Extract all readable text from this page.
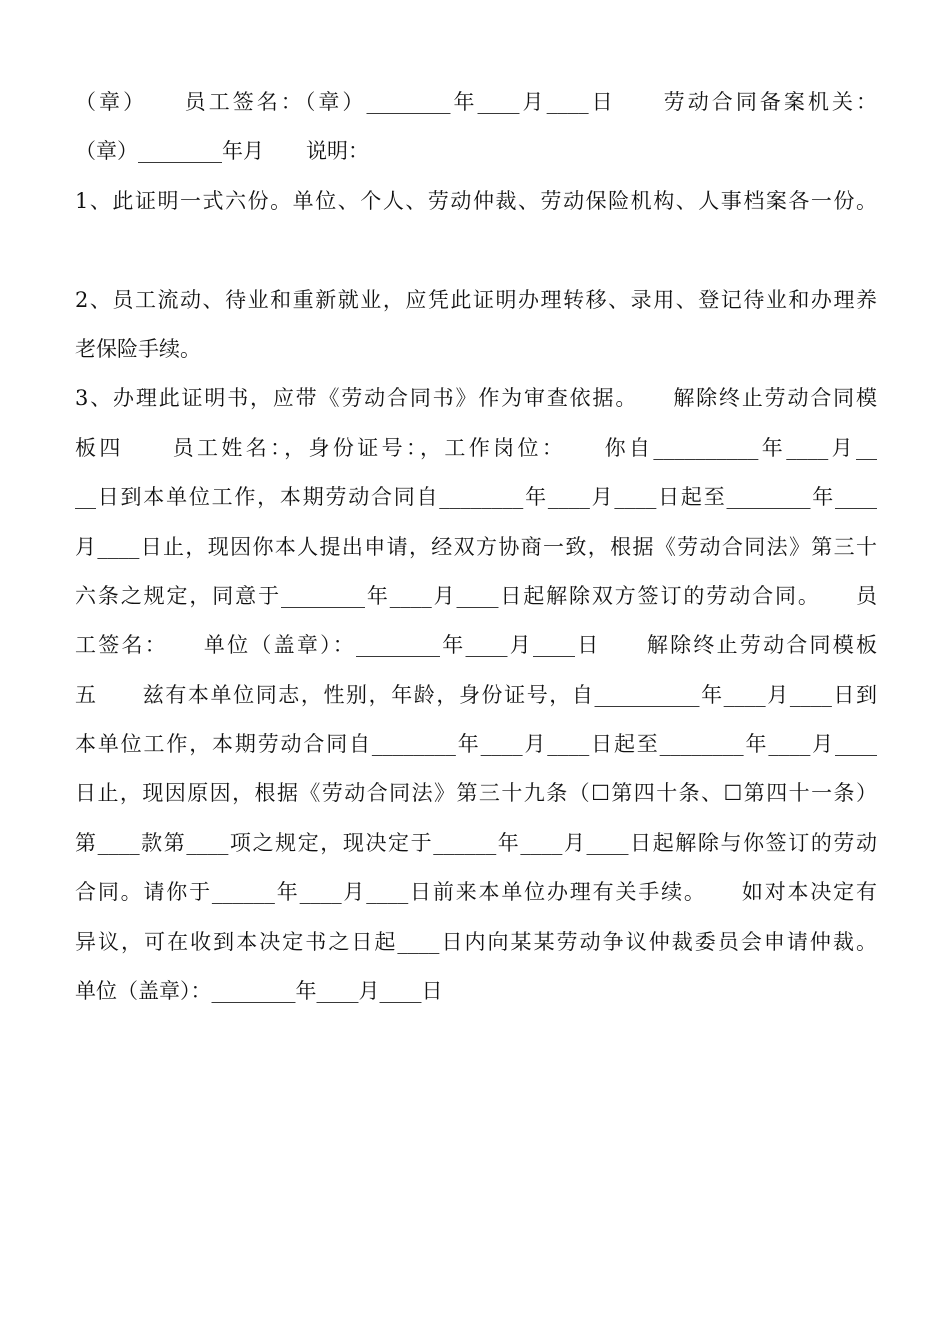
（章）　　员工签名：（章）________年____月____日　　劳动合同备案机关：
（章）________年月　　说明：
1、此证明一式六份。单位、个人、劳动仲裁、劳动保险机构、人事档案各一份。
2、员工流动、待业和重新就业，应凭此证明办理转移、录用、登记待业和办理养
老保险手续。
3、办理此证明书，应带《劳动合同书》作为审查依据。　　解除终止劳动合同模
板四　　员工姓名：，身份证号：，工作岗位：　　你自__________年____月__
__日到本单位工作，本期劳动合同自________年____月____日起至________年____
月____日止，现因你本人提出申请，经双方协商一致，根据《劳动合同法》第三十
六条之规定，同意于________年____月____日起解除双方签订的劳动合同。　　员
工签名：　　单位（盖章）：________年____月____日　　解除终止劳动合同模板
五　　兹有本单位同志，性别，年龄，身份证号，自__________年____月____日到
本单位工作，本期劳动合同自________年____月____日起至________年____月____
日止，现因原因，根据《劳动合同法》第三十九条（☐第四十条、☐第四十一条）
第____款第____项之规定，现决定于______年____月____日起解除与你签订的劳动
合同。请你于______年____月____日前来本单位办理有关手续。　　如对本决定有
异议，可在收到本决定书之日起____日内向某某劳动争议仲裁委员会申请仲裁。
单位（盖章）：________年____月____日
